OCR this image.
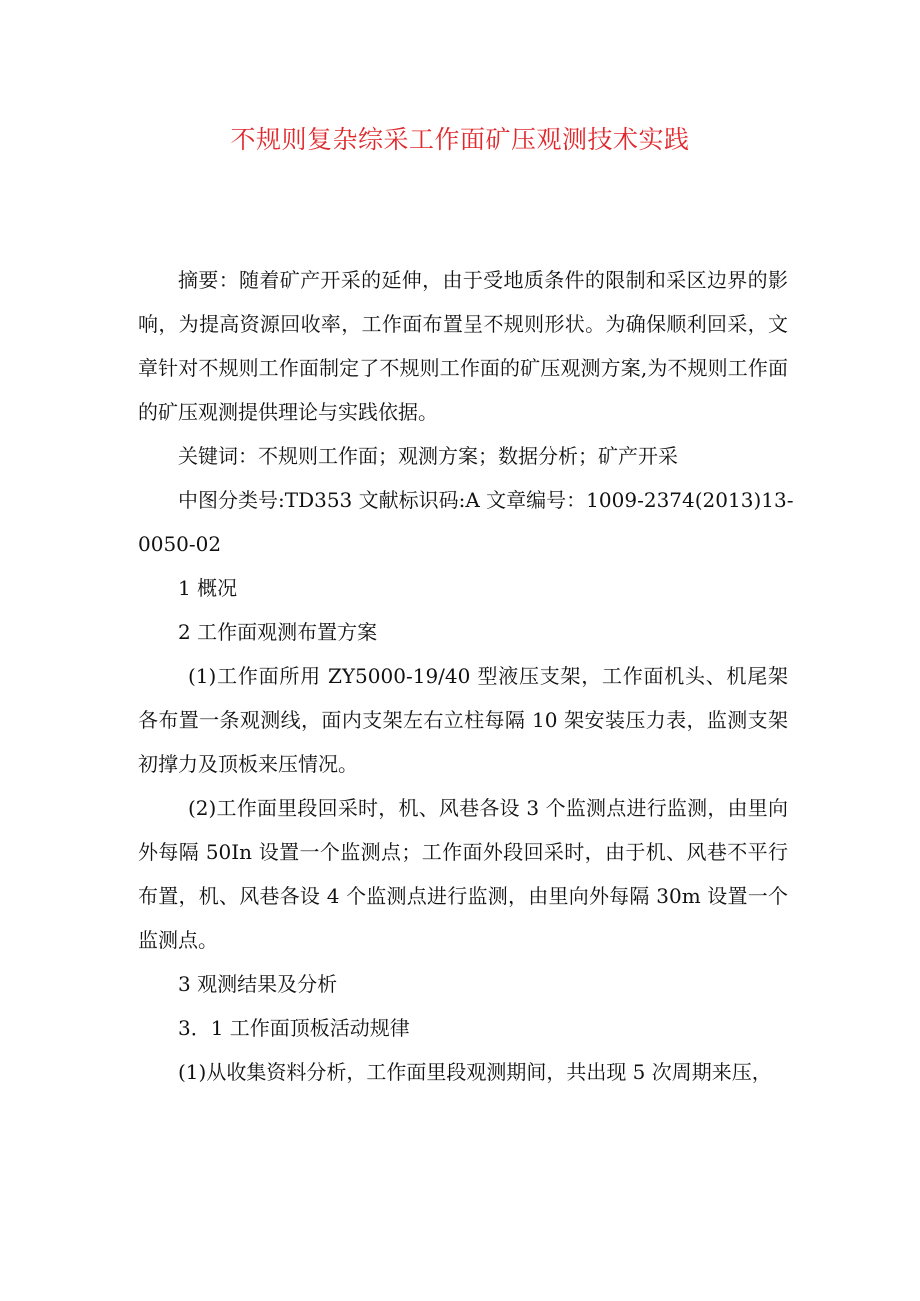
不规则复杂综采工作面矿压观测技术实践

摘要：随着矿产开采的延伸，由于受地质条件的限制和采区边界的影响，为提高资源回收率，工作面布置呈不规则形状。为确保顺利回采，文章针对不规则工作面制定了不规则工作面的矿压观测方案,为不规则工作面的矿压观测提供理论与实践依据。

关键词：不规则工作面；观测方案；数据分析；矿产开采

中图分类号:TD353 文献标识码:A 文章编号：1009-2374(2013)13-

0050-02

1 概况

2 工作面观测布置方案

(1)工作面所用 ZY5000-19/40 型液压支架，工作面机头、机尾架各布置一条观测线，面内支架左右立柱每隔 10 架安装压力表，监测支架初撑力及顶板来压情况。

(2)工作面里段回采时，机、风巷各设 3 个监测点进行监测，由里向外每隔 50In 设置一个监测点；工作面外段回采时，由于机、风巷不平行布置，机、风巷各设 4 个监测点进行监测，由里向外每隔 30m 设置一个监测点。

3 观测结果及分析

3．1 工作面顶板活动规律

(1)从收集资料分析，工作面里段观测期间，共出现 5 次周期来压，
